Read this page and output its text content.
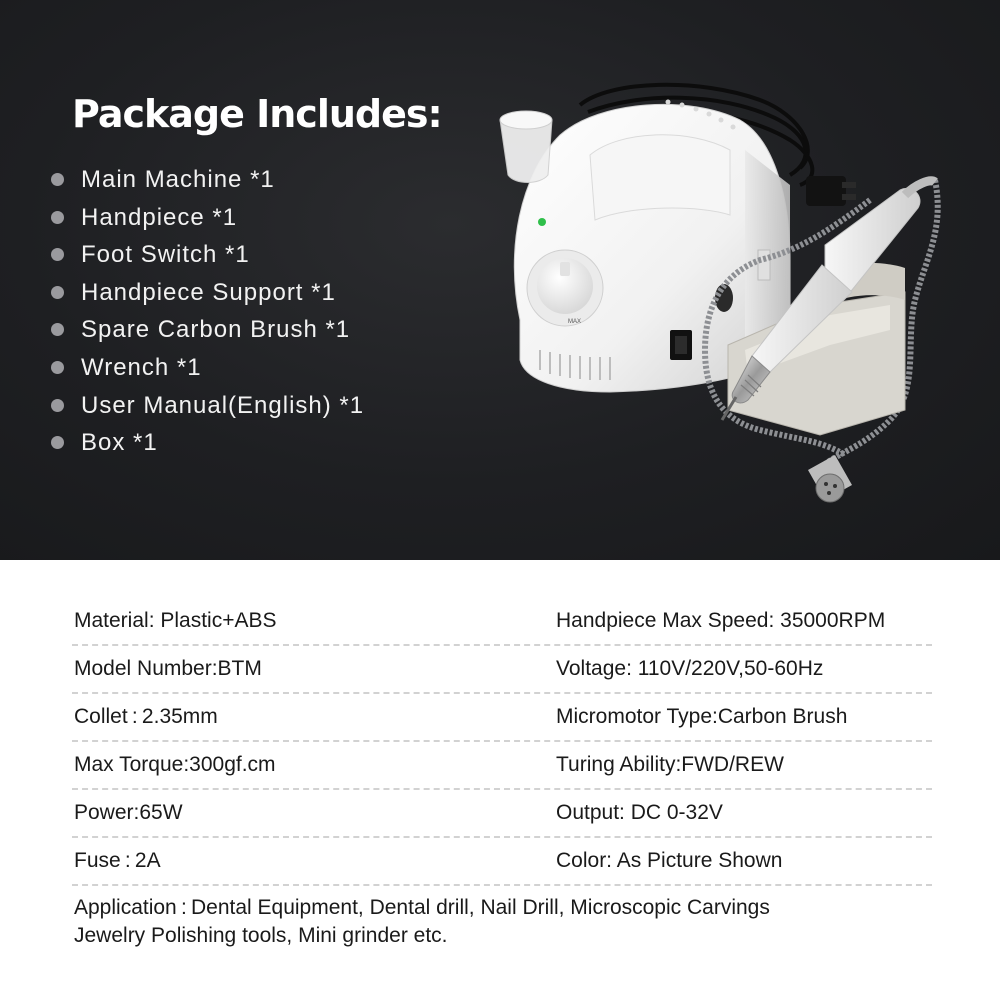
Package Includes:
Main Machine *1
Handpiece *1
Foot Switch *1
Handpiece Support *1
Spare Carbon Brush *1
Wrench *1
User Manual(English) *1
Box *1
MAX
Material: Plastic+ABS	Handpiece Max Speed: 35000RPM
Model Number:BTM	Voltage: 110V/220V,50-60Hz
Collet : 2.35mm	Micromotor Type:Carbon Brush
Max Torque:300gf.cm	Turing Ability:FWD/REW
Power:65W	Output: DC 0-32V
Fuse : 2A	Color: As Picture Shown
Application : Dental Equipment, Dental drill, Nail Drill, Microscopic Carvings
Jewelry Polishing tools, Mini grinder etc.
